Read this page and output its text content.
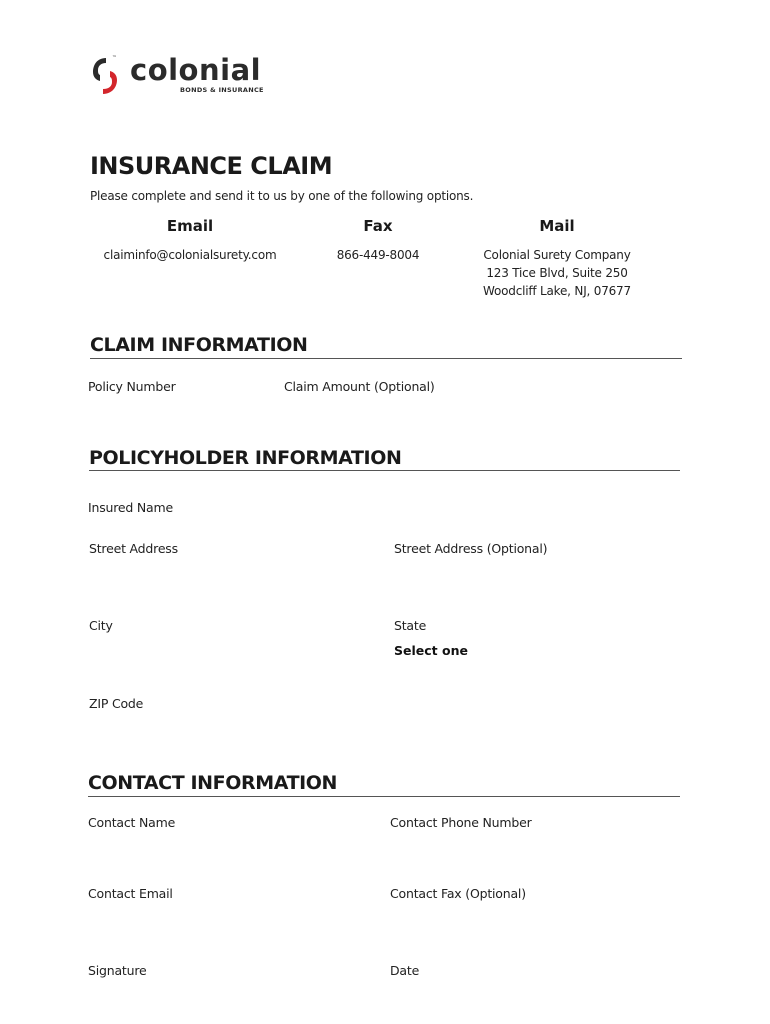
™ colonial
BONDS & INSURANCE
INSURANCE CLAIM
Please complete and send it to us by one of the following options.
Email	Fax	Mail
claiminfo@colonialsurety.com	866-449-8004	Colonial Surety Company
123 Tice Blvd, Suite 250
Woodcliff Lake, NJ, 07677
CLAIM INFORMATION
Policy Number	Claim Amount (Optional)
POLICYHOLDER INFORMATION
Insured Name
Street Address	Street Address (Optional)
City	State
Select one
ZIP Code
CONTACT INFORMATION
Contact Name	Contact Phone Number
Contact Email	Contact Fax (Optional)
Signature	Date
